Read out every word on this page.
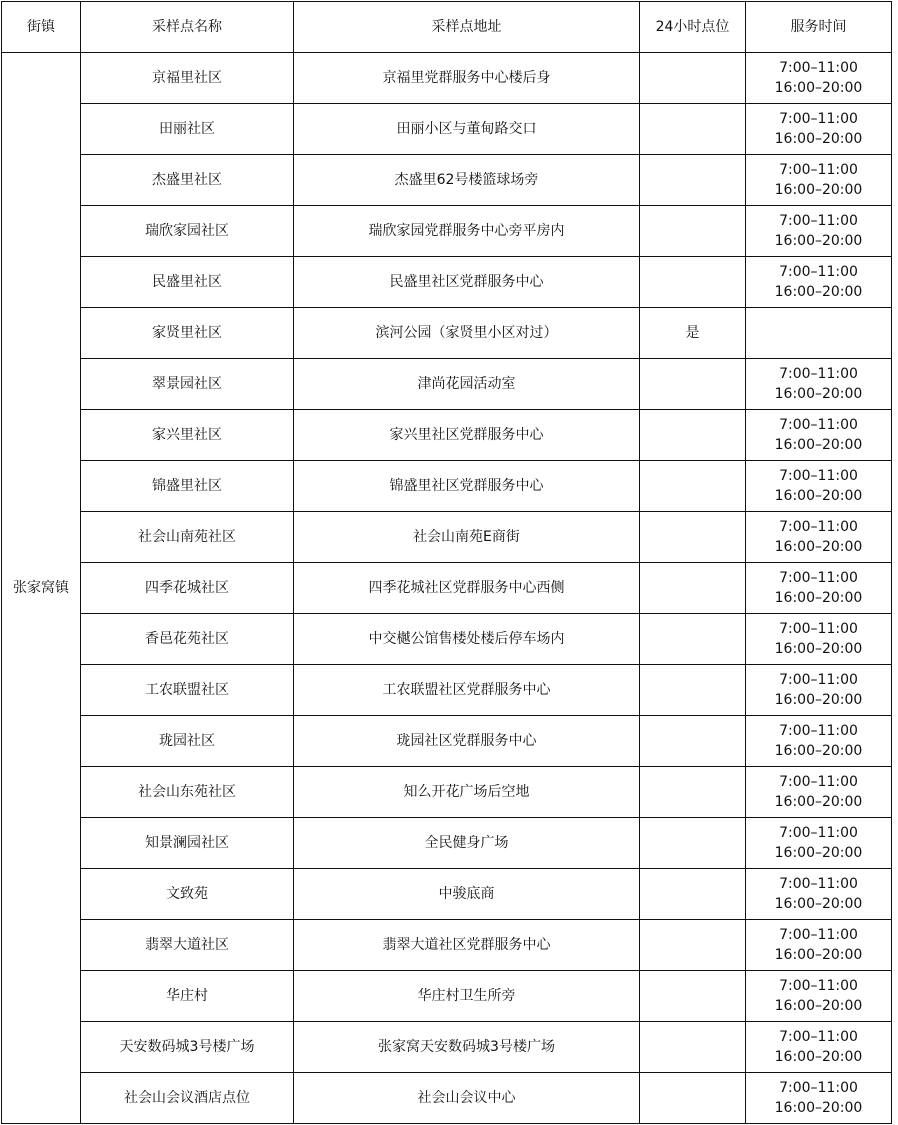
街镇	采样点名称	采样点地址	24小时点位	服务时间
张家窝镇	京福里社区	京福里党群服务中心楼后身		7:00–11:00
16:00–20:00

	田丽社区	田丽小区与董甸路交口		7:00–11:00
16:00–20:00

	杰盛里社区	杰盛里62号楼篮球场旁		7:00–11:00
16:00–20:00

	瑞欣家园社区	瑞欣家园党群服务中心旁平房内		7:00–11:00
16:00–20:00

	民盛里社区	民盛里社区党群服务中心		7:00–11:00
16:00–20:00

	家贤里社区	滨河公园（家贤里小区对过）	是	

	翠景园社区	津尚花园活动室		7:00–11:00
16:00–20:00

	家兴里社区	家兴里社区党群服务中心		7:00–11:00
16:00–20:00

	锦盛里社区	锦盛里社区党群服务中心		7:00–11:00
16:00–20:00

	社会山南苑社区	社会山南苑E商街		7:00–11:00
16:00–20:00

	四季花城社区	四季花城社区党群服务中心西侧		7:00–11:00
16:00–20:00

	香邑花苑社区	中交樾公馆售楼处楼后停车场内		7:00–11:00
16:00–20:00

	工农联盟社区	工农联盟社区党群服务中心		7:00–11:00
16:00–20:00

	珑园社区	珑园社区党群服务中心		7:00–11:00
16:00–20:00

	社会山东苑社区	知么开花广场后空地		7:00–11:00
16:00–20:00

	知景澜园社区	全民健身广场		7:00–11:00
16:00–20:00

	文致苑	中骏底商		7:00–11:00
16:00–20:00

	翡翠大道社区	翡翠大道社区党群服务中心		7:00–11:00
16:00–20:00

	华庄村	华庄村卫生所旁		7:00–11:00
16:00–20:00

	天安数码城3号楼广场	张家窝天安数码城3号楼广场		7:00–11:00
16:00–20:00

	社会山会议酒店点位	社会山会议中心		7:00–11:00
16:00–20:00
